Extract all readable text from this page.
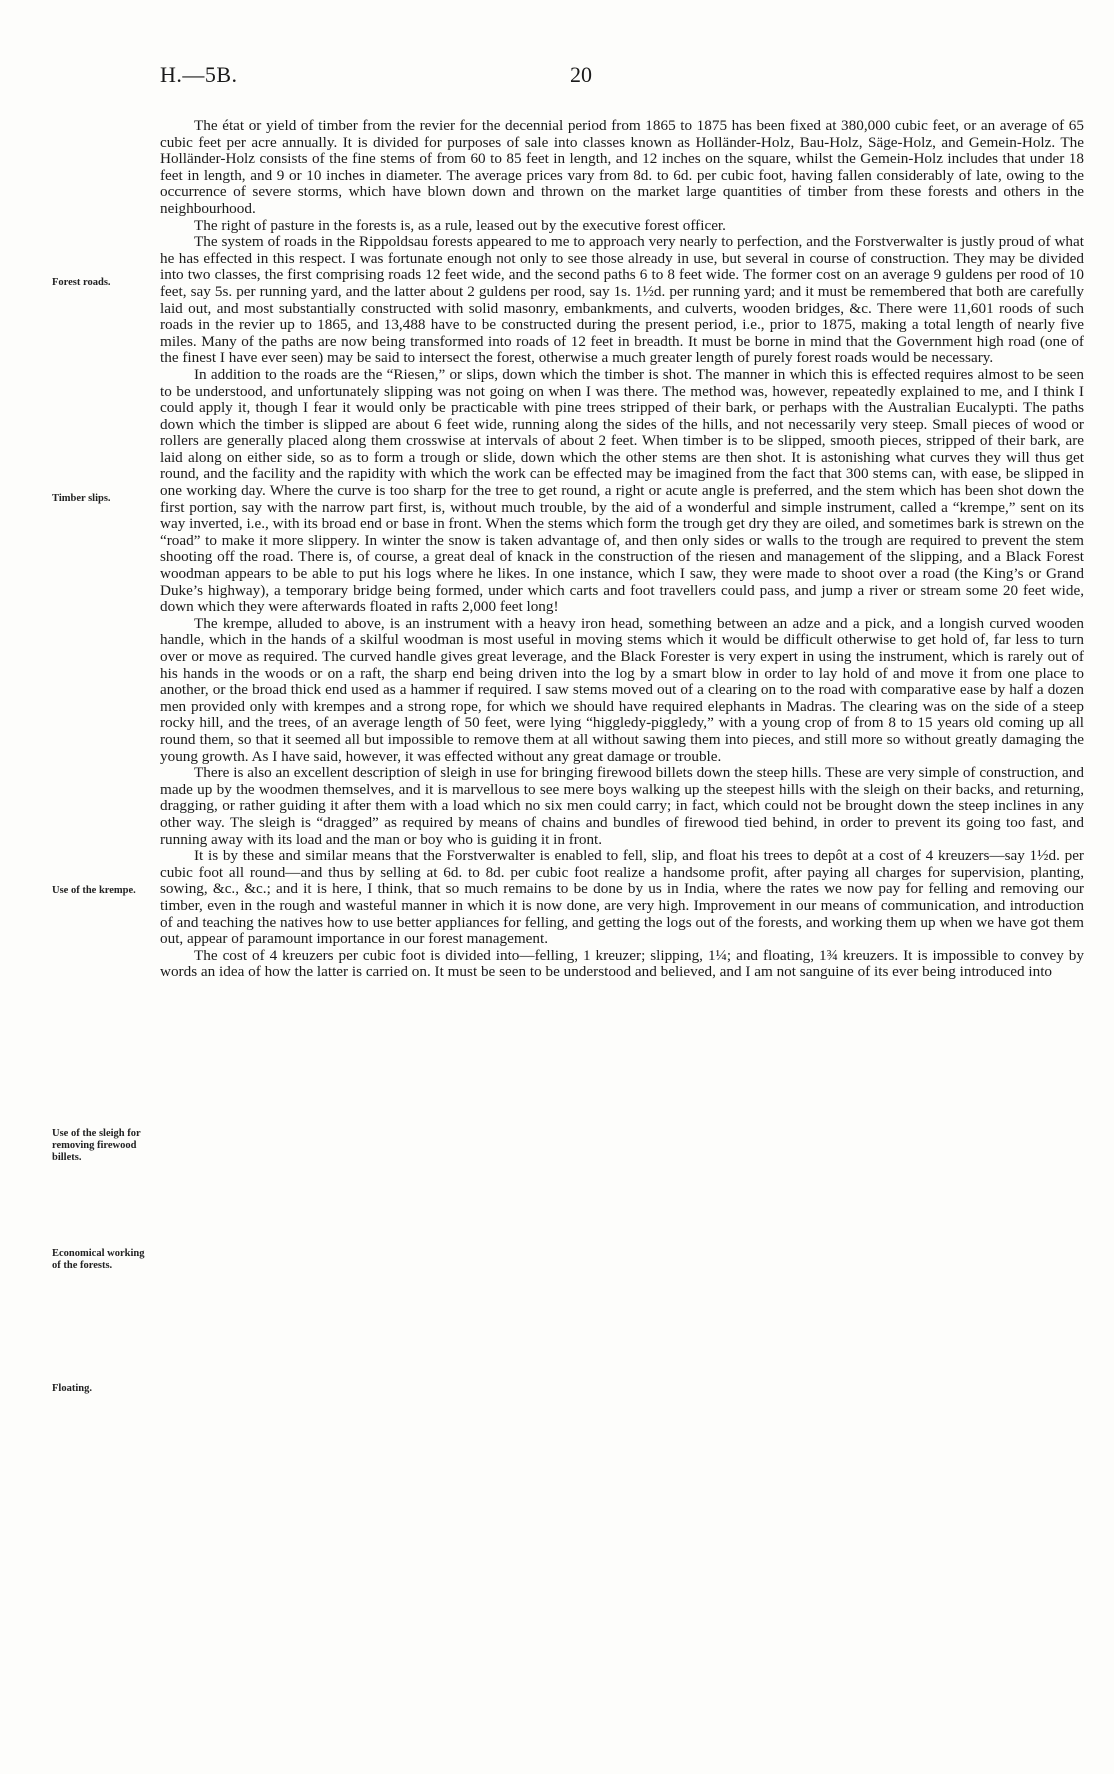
H.—5B.	20
Forest roads.
Timber slips.
Use of the krempe.
Use of the sleigh for removing firewood billets.
Economical working of the forests.
Floating.

The état or yield of timber from the revier for the decennial period from 1865 to 1875 has been fixed at 380,000 cubic feet, or an average of 65 cubic feet per acre annually. It is divided for purposes of sale into classes known as Holländer-Holz, Bau-Holz, Säge-Holz, and Gemein-Holz. The Holländer-Holz consists of the fine stems of from 60 to 85 feet in length, and 12 inches on the square, whilst the Gemein-Holz includes that under 18 feet in length, and 9 or 10 inches in diameter. The average prices vary from 8d. to 6d. per cubic foot, having fallen considerably of late, owing to the occurrence of severe storms, which have blown down and thrown on the market large quantities of timber from these forests and others in the neighbourhood.

The right of pasture in the forests is, as a rule, leased out by the executive forest officer.

The system of roads in the Rippoldsau forests appeared to me to approach very nearly to perfection, and the Forstverwalter is justly proud of what he has effected in this respect. I was fortunate enough not only to see those already in use, but several in course of construction. They may be divided into two classes, the first comprising roads 12 feet wide, and the second paths 6 to 8 feet wide. The former cost on an average 9 guldens per rood of 10 feet, say 5s. per running yard, and the latter about 2 guldens per rood, say 1s. 1½d. per running yard; and it must be remembered that both are carefully laid out, and most substantially constructed with solid masonry, embankments, and culverts, wooden bridges, &c. There were 11,601 roods of such roads in the revier up to 1865, and 13,488 have to be constructed during the present period, i.e., prior to 1875, making a total length of nearly five miles. Many of the paths are now being transformed into roads of 12 feet in breadth. It must be borne in mind that the Government high road (one of the finest I have ever seen) may be said to intersect the forest, otherwise a much greater length of purely forest roads would be necessary.

In addition to the roads are the “Riesen,” or slips, down which the timber is shot. The manner in which this is effected requires almost to be seen to be understood, and unfortunately slipping was not going on when I was there. The method was, however, repeatedly explained to me, and I think I could apply it, though I fear it would only be practicable with pine trees stripped of their bark, or perhaps with the Australian Eucalypti. The paths down which the timber is slipped are about 6 feet wide, running along the sides of the hills, and not necessarily very steep. Small pieces of wood or rollers are generally placed along them crosswise at intervals of about 2 feet. When timber is to be slipped, smooth pieces, stripped of their bark, are laid along on either side, so as to form a trough or slide, down which the other stems are then shot. It is astonishing what curves they will thus get round, and the facility and the rapidity with which the work can be effected may be imagined from the fact that 300 stems can, with ease, be slipped in one working day. Where the curve is too sharp for the tree to get round, a right or acute angle is preferred, and the stem which has been shot down the first portion, say with the narrow part first, is, without much trouble, by the aid of a wonderful and simple instrument, called a “krempe,” sent on its way inverted, i.e., with its broad end or base in front. When the stems which form the trough get dry they are oiled, and sometimes bark is strewn on the “road” to make it more slippery. In winter the snow is taken advantage of, and then only sides or walls to the trough are required to prevent the stem shooting off the road. There is, of course, a great deal of knack in the construction of the riesen and management of the slipping, and a Black Forest woodman appears to be able to put his logs where he likes. In one instance, which I saw, they were made to shoot over a road (the King’s or Grand Duke’s highway), a temporary bridge being formed, under which carts and foot travellers could pass, and jump a river or stream some 20 feet wide, down which they were afterwards floated in rafts 2,000 feet long!

The krempe, alluded to above, is an instrument with a heavy iron head, something between an adze and a pick, and a longish curved wooden handle, which in the hands of a skilful woodman is most useful in moving stems which it would be difficult otherwise to get hold of, far less to turn over or move as required. The curved handle gives great leverage, and the Black Forester is very expert in using the instrument, which is rarely out of his hands in the woods or on a raft, the sharp end being driven into the log by a smart blow in order to lay hold of and move it from one place to another, or the broad thick end used as a hammer if required. I saw stems moved out of a clearing on to the road with comparative ease by half a dozen men provided only with krempes and a strong rope, for which we should have required elephants in Madras. The clearing was on the side of a steep rocky hill, and the trees, of an average length of 50 feet, were lying “higgledy-piggledy,” with a young crop of from 8 to 15 years old coming up all round them, so that it seemed all but impossible to remove them at all without sawing them into pieces, and still more so without greatly damaging the young growth. As I have said, however, it was effected without any great damage or trouble.

There is also an excellent description of sleigh in use for bringing firewood billets down the steep hills. These are very simple of construction, and made up by the woodmen themselves, and it is marvellous to see mere boys walking up the steepest hills with the sleigh on their backs, and returning, dragging, or rather guiding it after them with a load which no six men could carry; in fact, which could not be brought down the steep inclines in any other way. The sleigh is “dragged” as required by means of chains and bundles of firewood tied behind, in order to prevent its going too fast, and running away with its load and the man or boy who is guiding it in front.

It is by these and similar means that the Forstverwalter is enabled to fell, slip, and float his trees to depôt at a cost of 4 kreuzers—say 1½d. per cubic foot all round—and thus by selling at 6d. to 8d. per cubic foot realize a handsome profit, after paying all charges for supervision, planting, sowing, &c., &c.; and it is here, I think, that so much remains to be done by us in India, where the rates we now pay for felling and removing our timber, even in the rough and wasteful manner in which it is now done, are very high. Improvement in our means of communication, and introduction of and teaching the natives how to use better appliances for felling, and getting the logs out of the forests, and working them up when we have got them out, appear of paramount importance in our forest management.

The cost of 4 kreuzers per cubic foot is divided into—felling, 1 kreuzer; slipping, 1¼; and floating, 1¾ kreuzers. It is impossible to convey by words an idea of how the latter is carried on. It must be seen to be understood and believed, and I am not sanguine of its ever being introduced into
